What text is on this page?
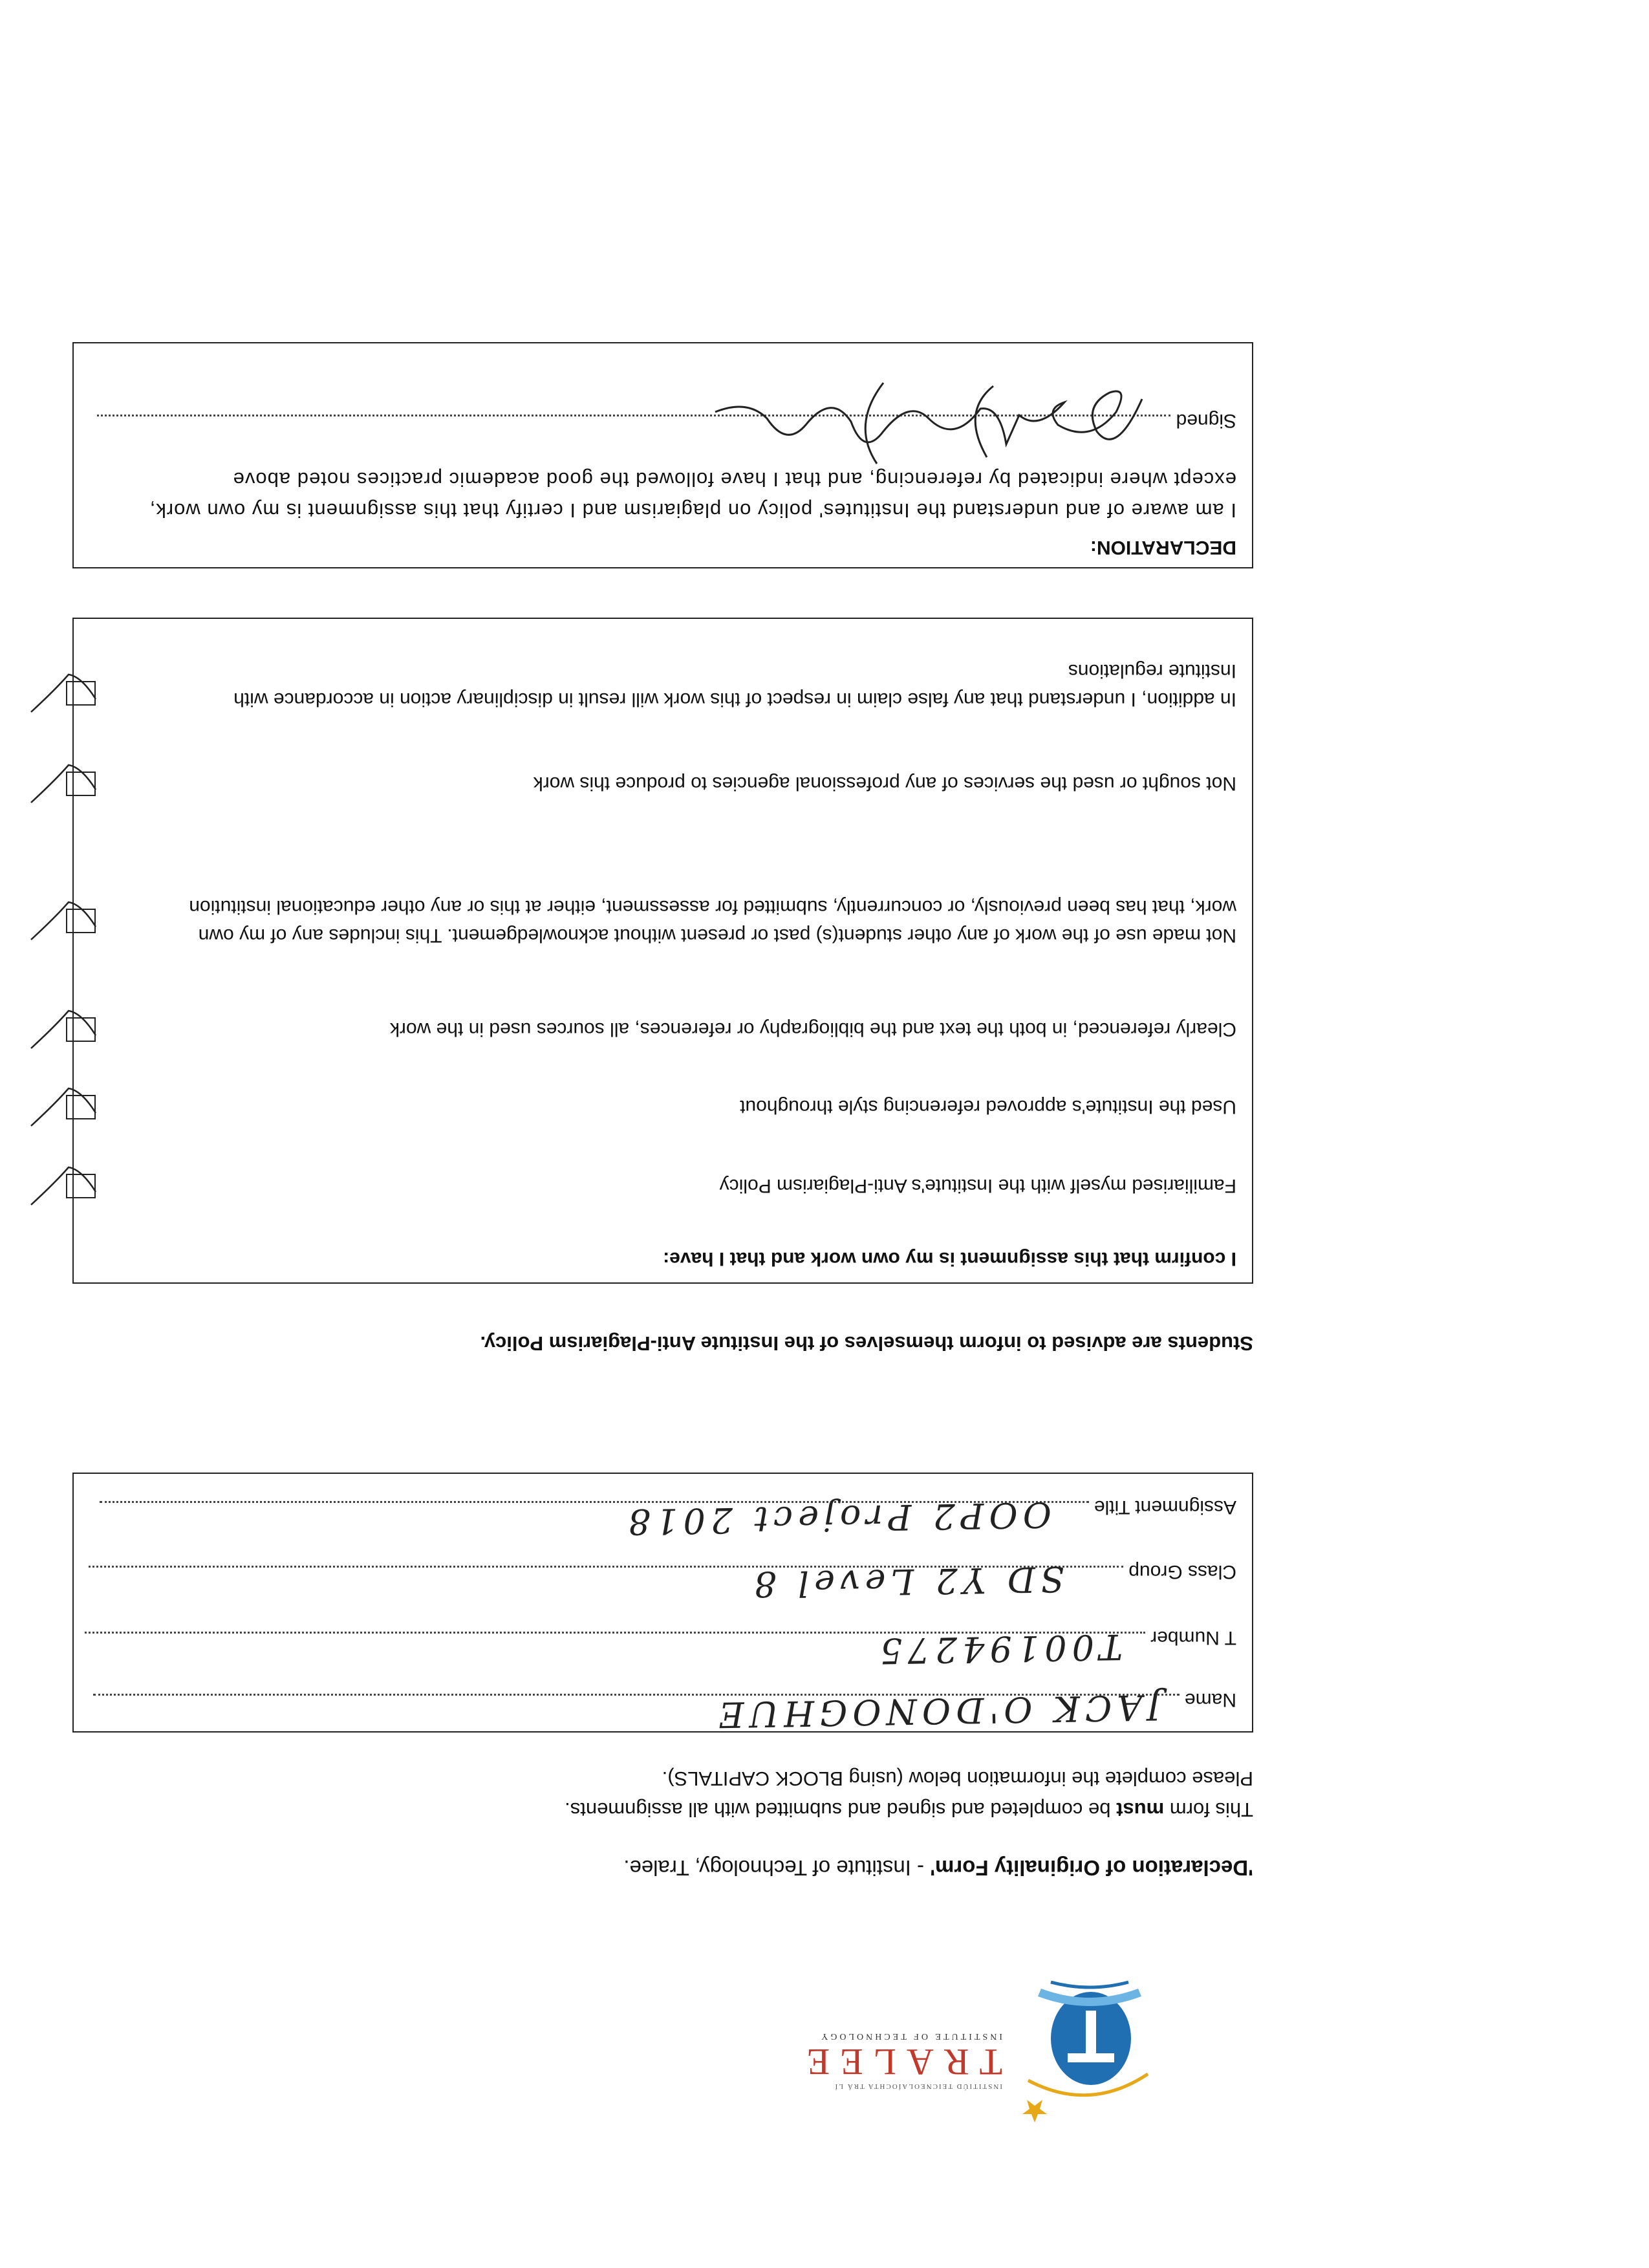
INSTITIÚD TEICNEOLAÍOCHTA TRÁ LÍ
TRALEE
INSTITUTE OF TECHNOLOGY
'Declaration of Originality Form' - Institute of Technology, Tralee.
This form must be completed and signed and submitted with all assignments.
Please complete the information below (using BLOCK CAPITALS).
Name
JACK O'DONOGHUE
T Number
T00194275
Class Group
SD Y2 Level 8
Assignment Title
OOP2 Project 2018
Students are advised to inform themselves of the Institute Anti-Plagiarism Policy.
I confirm that this assignment is my own work and that I have:
Familiarised myself with the Institute's Anti-Plagiarism Policy
Used the Institute's approved referencing style throughout
Clearly referenced, in both the text and the bibliography or references, all sources used in the work
Not made use of the work of any other student(s) past or present without acknowledgement. This includes any of my own work, that has been previously, or concurrently, submitted for assessment, either at this or any other educational institution
Not sought or used the services of any professional agencies to produce this work
In addition, I understand that any false claim in respect of this work will result in disciplinary action in accordance with Institute regulations
DECLARATION:
I am aware of and understand the Institutes' policy on plagiarism and I certify that this assignment is my own work, except where indicated by referencing, and that I have followed the good academic practices noted above
Signed
